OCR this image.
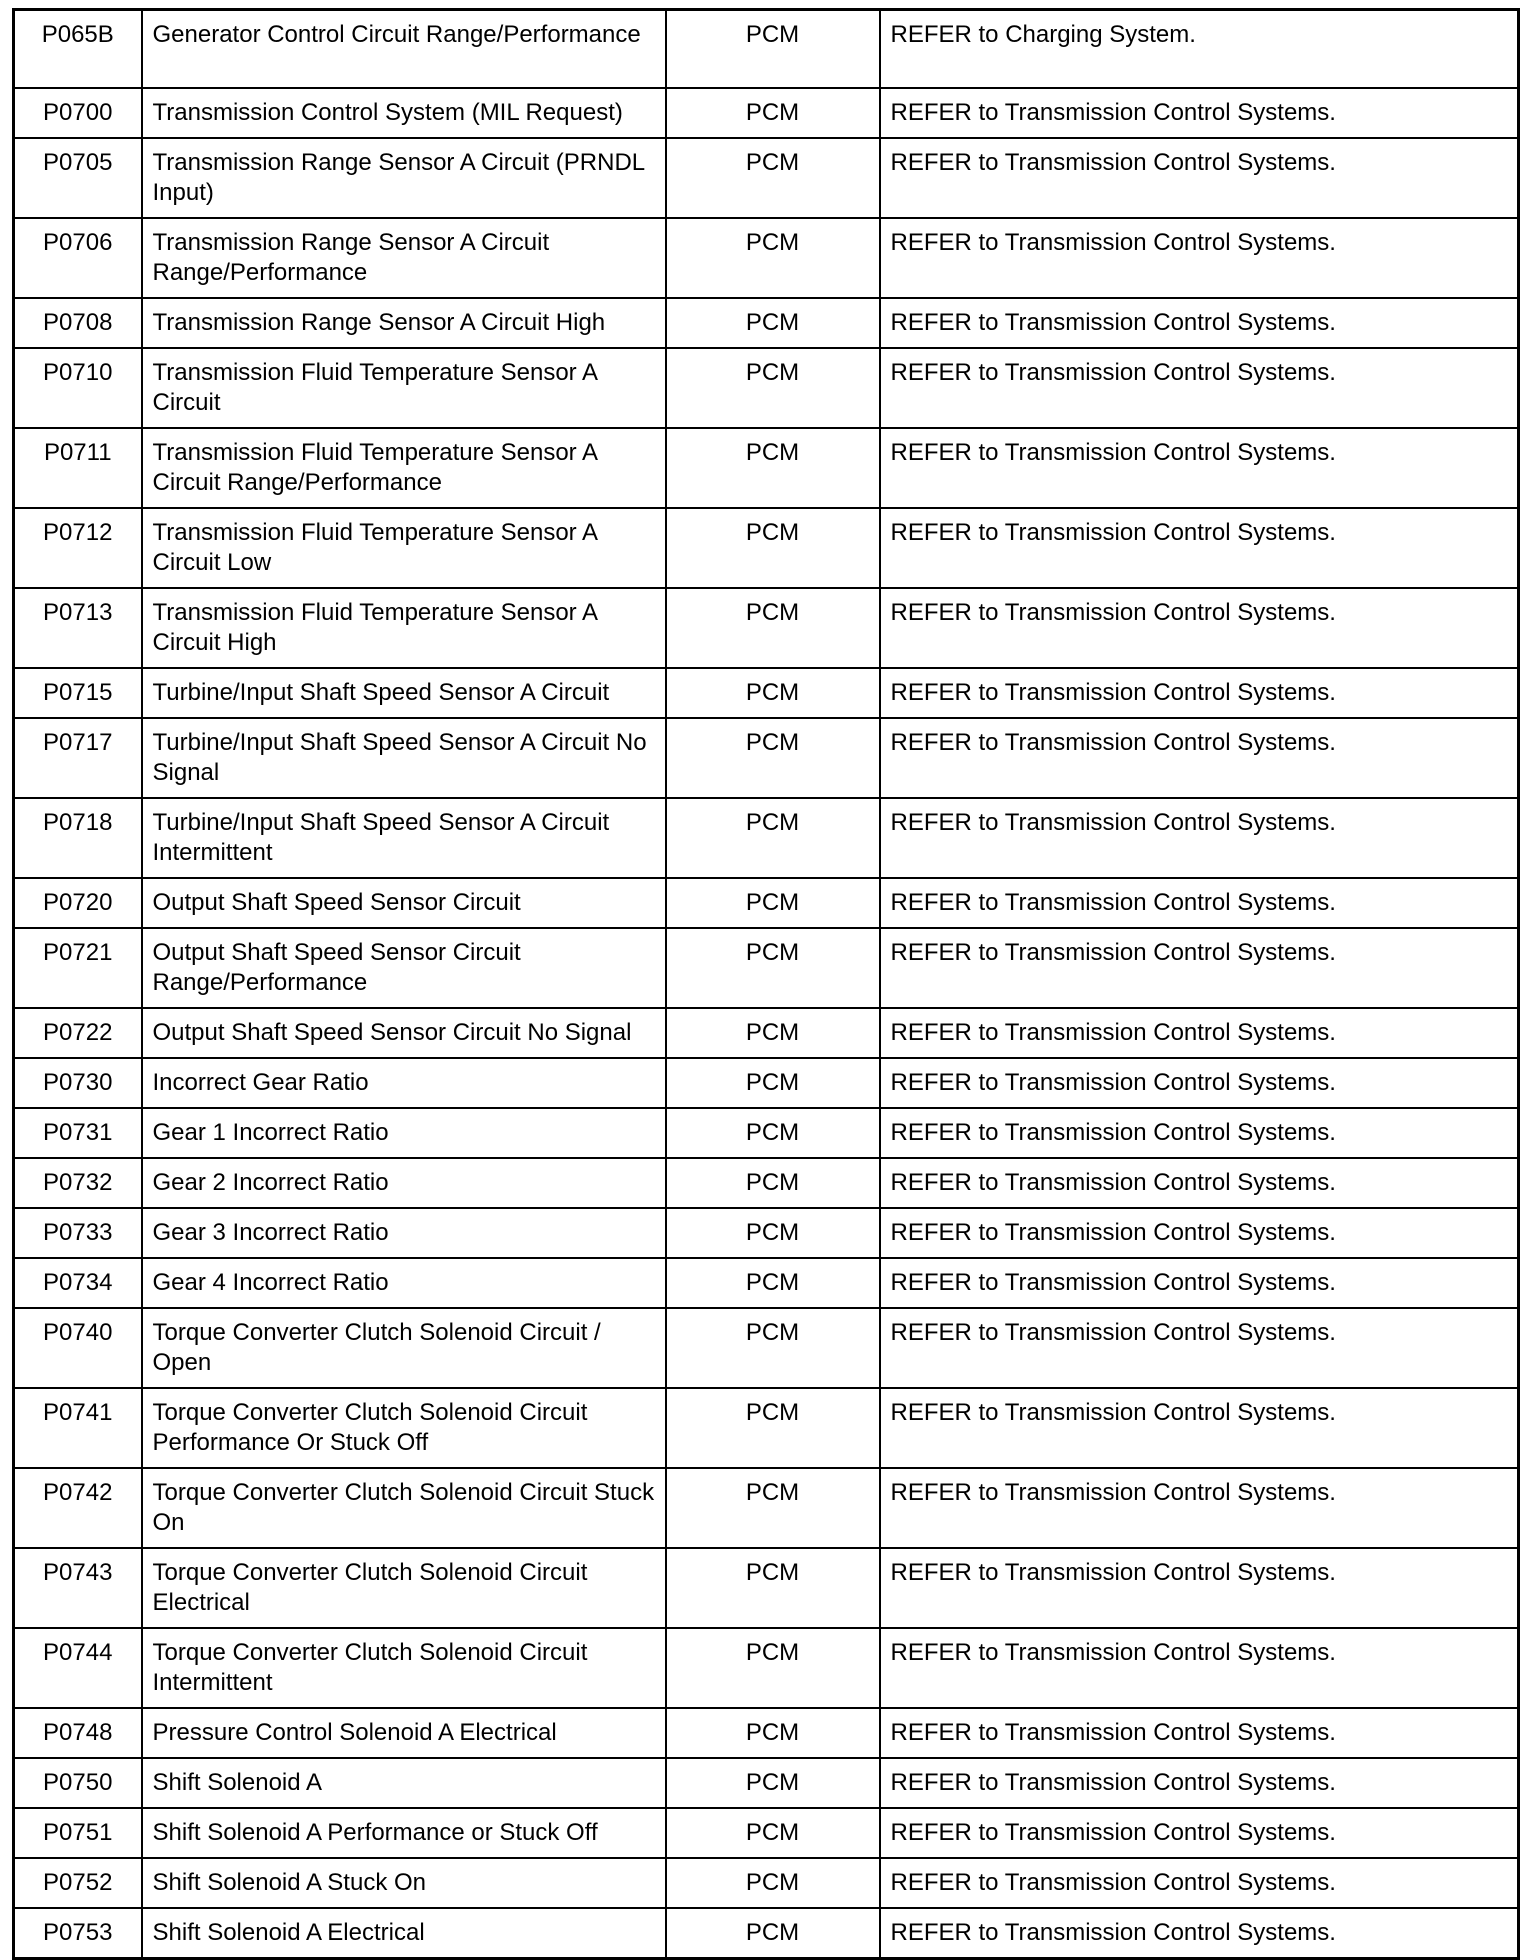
P065B	Generator Control Circuit Range/Performance	PCM	REFER to Charging System.
P0700	Transmission Control System (MIL Request)	PCM	REFER to Transmission Control Systems.
P0705	Transmission Range Sensor A Circuit (PRNDL Input)	PCM	REFER to Transmission Control Systems.
P0706	Transmission Range Sensor A Circuit Range/Performance	PCM	REFER to Transmission Control Systems.
P0708	Transmission Range Sensor A Circuit High	PCM	REFER to Transmission Control Systems.
P0710	Transmission Fluid Temperature Sensor A Circuit	PCM	REFER to Transmission Control Systems.
P0711	Transmission Fluid Temperature Sensor A Circuit Range/Performance	PCM	REFER to Transmission Control Systems.
P0712	Transmission Fluid Temperature Sensor A Circuit Low	PCM	REFER to Transmission Control Systems.
P0713	Transmission Fluid Temperature Sensor A Circuit High	PCM	REFER to Transmission Control Systems.
P0715	Turbine/Input Shaft Speed Sensor A Circuit	PCM	REFER to Transmission Control Systems.
P0717	Turbine/Input Shaft Speed Sensor A Circuit No Signal	PCM	REFER to Transmission Control Systems.
P0718	Turbine/Input Shaft Speed Sensor A Circuit Intermittent	PCM	REFER to Transmission Control Systems.
P0720	Output Shaft Speed Sensor Circuit	PCM	REFER to Transmission Control Systems.
P0721	Output Shaft Speed Sensor Circuit Range/Performance	PCM	REFER to Transmission Control Systems.
P0722	Output Shaft Speed Sensor Circuit No Signal	PCM	REFER to Transmission Control Systems.
P0730	Incorrect Gear Ratio	PCM	REFER to Transmission Control Systems.
P0731	Gear 1 Incorrect Ratio	PCM	REFER to Transmission Control Systems.
P0732	Gear 2 Incorrect Ratio	PCM	REFER to Transmission Control Systems.
P0733	Gear 3 Incorrect Ratio	PCM	REFER to Transmission Control Systems.
P0734	Gear 4 Incorrect Ratio	PCM	REFER to Transmission Control Systems.
P0740	Torque Converter Clutch Solenoid Circuit / Open	PCM	REFER to Transmission Control Systems.
P0741	Torque Converter Clutch Solenoid Circuit Performance Or Stuck Off	PCM	REFER to Transmission Control Systems.
P0742	Torque Converter Clutch Solenoid Circuit Stuck On	PCM	REFER to Transmission Control Systems.
P0743	Torque Converter Clutch Solenoid Circuit Electrical	PCM	REFER to Transmission Control Systems.
P0744	Torque Converter Clutch Solenoid Circuit Intermittent	PCM	REFER to Transmission Control Systems.
P0748	Pressure Control Solenoid A Electrical	PCM	REFER to Transmission Control Systems.
P0750	Shift Solenoid A	PCM	REFER to Transmission Control Systems.
P0751	Shift Solenoid A Performance or Stuck Off	PCM	REFER to Transmission Control Systems.
P0752	Shift Solenoid A Stuck On	PCM	REFER to Transmission Control Systems.
P0753	Shift Solenoid A Electrical	PCM	REFER to Transmission Control Systems.
